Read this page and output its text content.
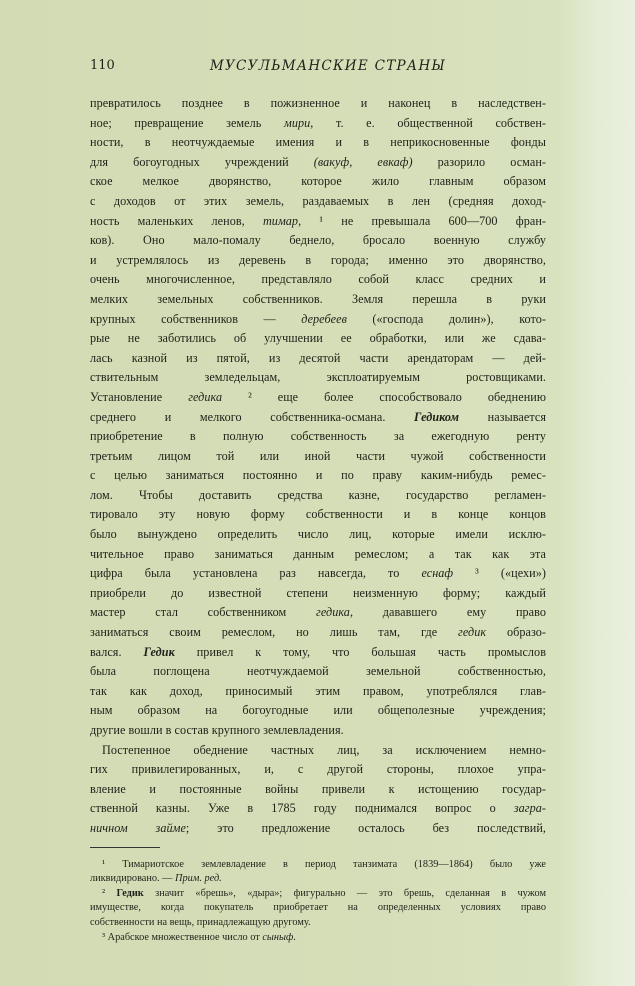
110	МУСУЛЬМАНСКИЕ СТРАНЫ
превратилось позднее в пожизненное и наконец в наследствен-
ное; превращение земель мири, т. е. общественной собствен-
ности, в неотчуждаемые имения и в неприкосновенные фонды
для богоугодных учреждений (вакуф, евкаф) разорило осман-
ское мелкое дворянство, которое жило главным образом
с доходов от этих земель, раздаваемых в лен (средняя доход-
ность маленьких ленов, тимар, ¹ не превышала 600—700 фран-
ков). Оно мало-помалу беднело, бросало военную службу
и устремлялось из деревень в города; именно это дворянство,
очень многочисленное, представляло собой класс средних и
мелких земельных собственников. Земля перешла в руки
крупных собственников — деребеев («господа долин»), кото-
рые не заботились об улучшении ее обработки, или же сдава-
лась казной из пятой, из десятой части арендаторам — дей-
ствительным земледельцам, эксплоатируемым ростовщиками.
Установление гедика ² еще более способствовало обеднению
среднего и мелкого собственника-османа. Гедиком называется
приобретение в полную собственность за ежегодную ренту
третьим лицом той или иной части чужой собственности
с целью заниматься постоянно и по праву каким-нибудь ремес-
лом. Чтобы доставить средства казне, государство регламен-
тировало эту новую форму собственности и в конце концов
было вынуждено определить число лиц, которые имели исклю-
чительное право заниматься данным ремеслом; а так как эта
цифра была установлена раз навсегда, то еснаф ³ («цехи»)
приобрели до известной степени неизменную форму; каждый
мастер стал собственником гедика, дававшего ему право
заниматься своим ремеслом, но лишь там, где гедик образо-
вался. Гедик привел к тому, что большая часть промыслов
была поглощена неотчуждаемой земельной собственностью,
так как доход, приносимый этим правом, употреблялся глав-
ным образом на богоугодные или общеполезные учреждения;
другие вошли в состав крупного землевладения.
Постепенное обеднение частных лиц, за исключением немно-
гих привилегированных, и, с другой стороны, плохое упра-
вление и постоянные войны привели к истощению государ-
ственной казны. Уже в 1785 году поднимался вопрос о загра-
ничном займе; это предложение осталось без последствий,
¹ Тимариотское землевладение в период танзимата (1839—1864) было уже
ликвидировано. — Прим. ред.
² Гедик значит «брешь», «дыра»; фигурально — это брешь, сделанная в чужом
имуществе, когда покупатель приобретает на определенных условиях право
собственности на вещь, принадлежащую другому.
³ Арабское множественное число от сыныф.
